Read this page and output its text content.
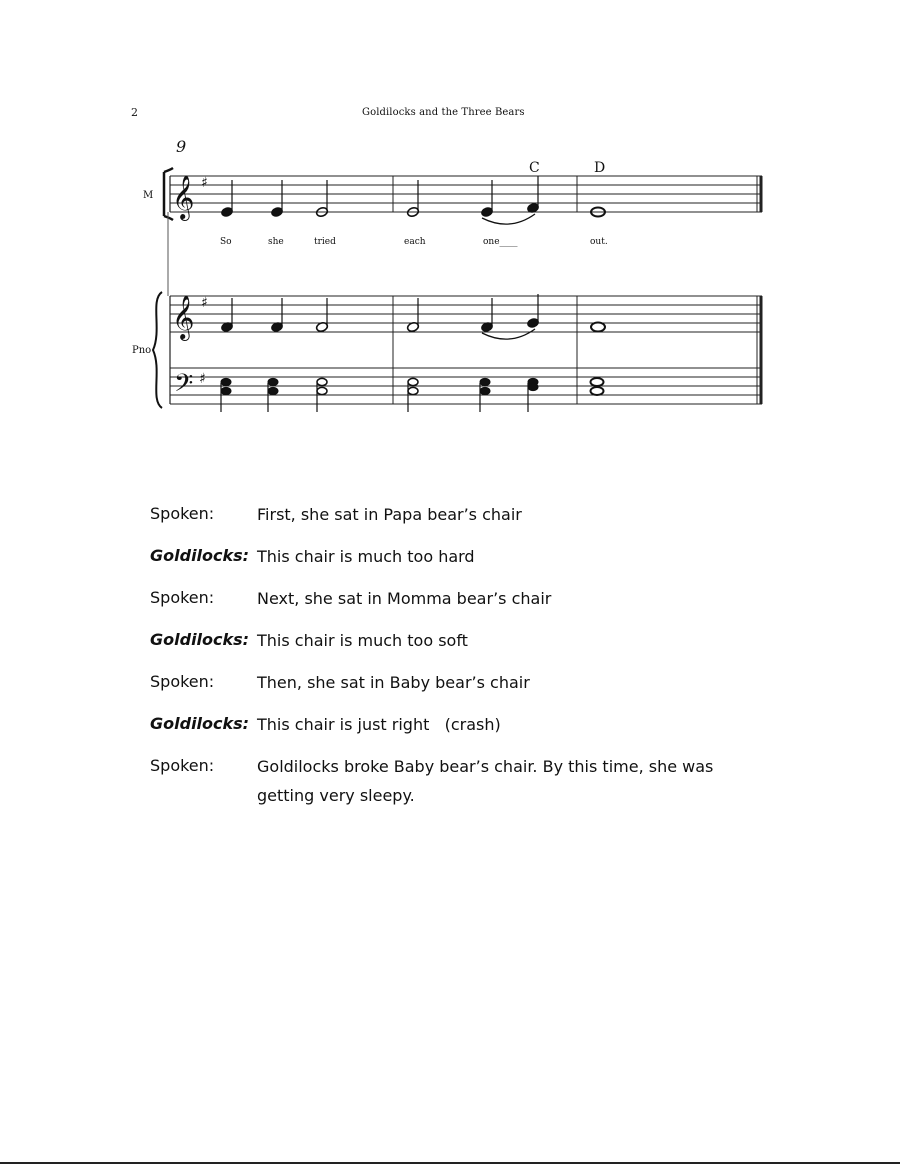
2	Goldilocks and the Three Bears
9
M
Pno
C	D
So	she	tried	each	one____	out.
𝄞 ♯
𝄞 ♯
𝄢 ♯
Spoken:	First, she sat in Papa bear’s chair
Goldilocks: This chair is much too hard
Spoken:	Next, she sat in Momma bear’s chair
Goldilocks: This chair is much too soft
Spoken:	Then, she sat in Baby bear’s chair
Goldilocks: This chair is just right   (crash)
Spoken:	Goldilocks broke Baby bear’s chair. By this time, she was getting very sleepy.
